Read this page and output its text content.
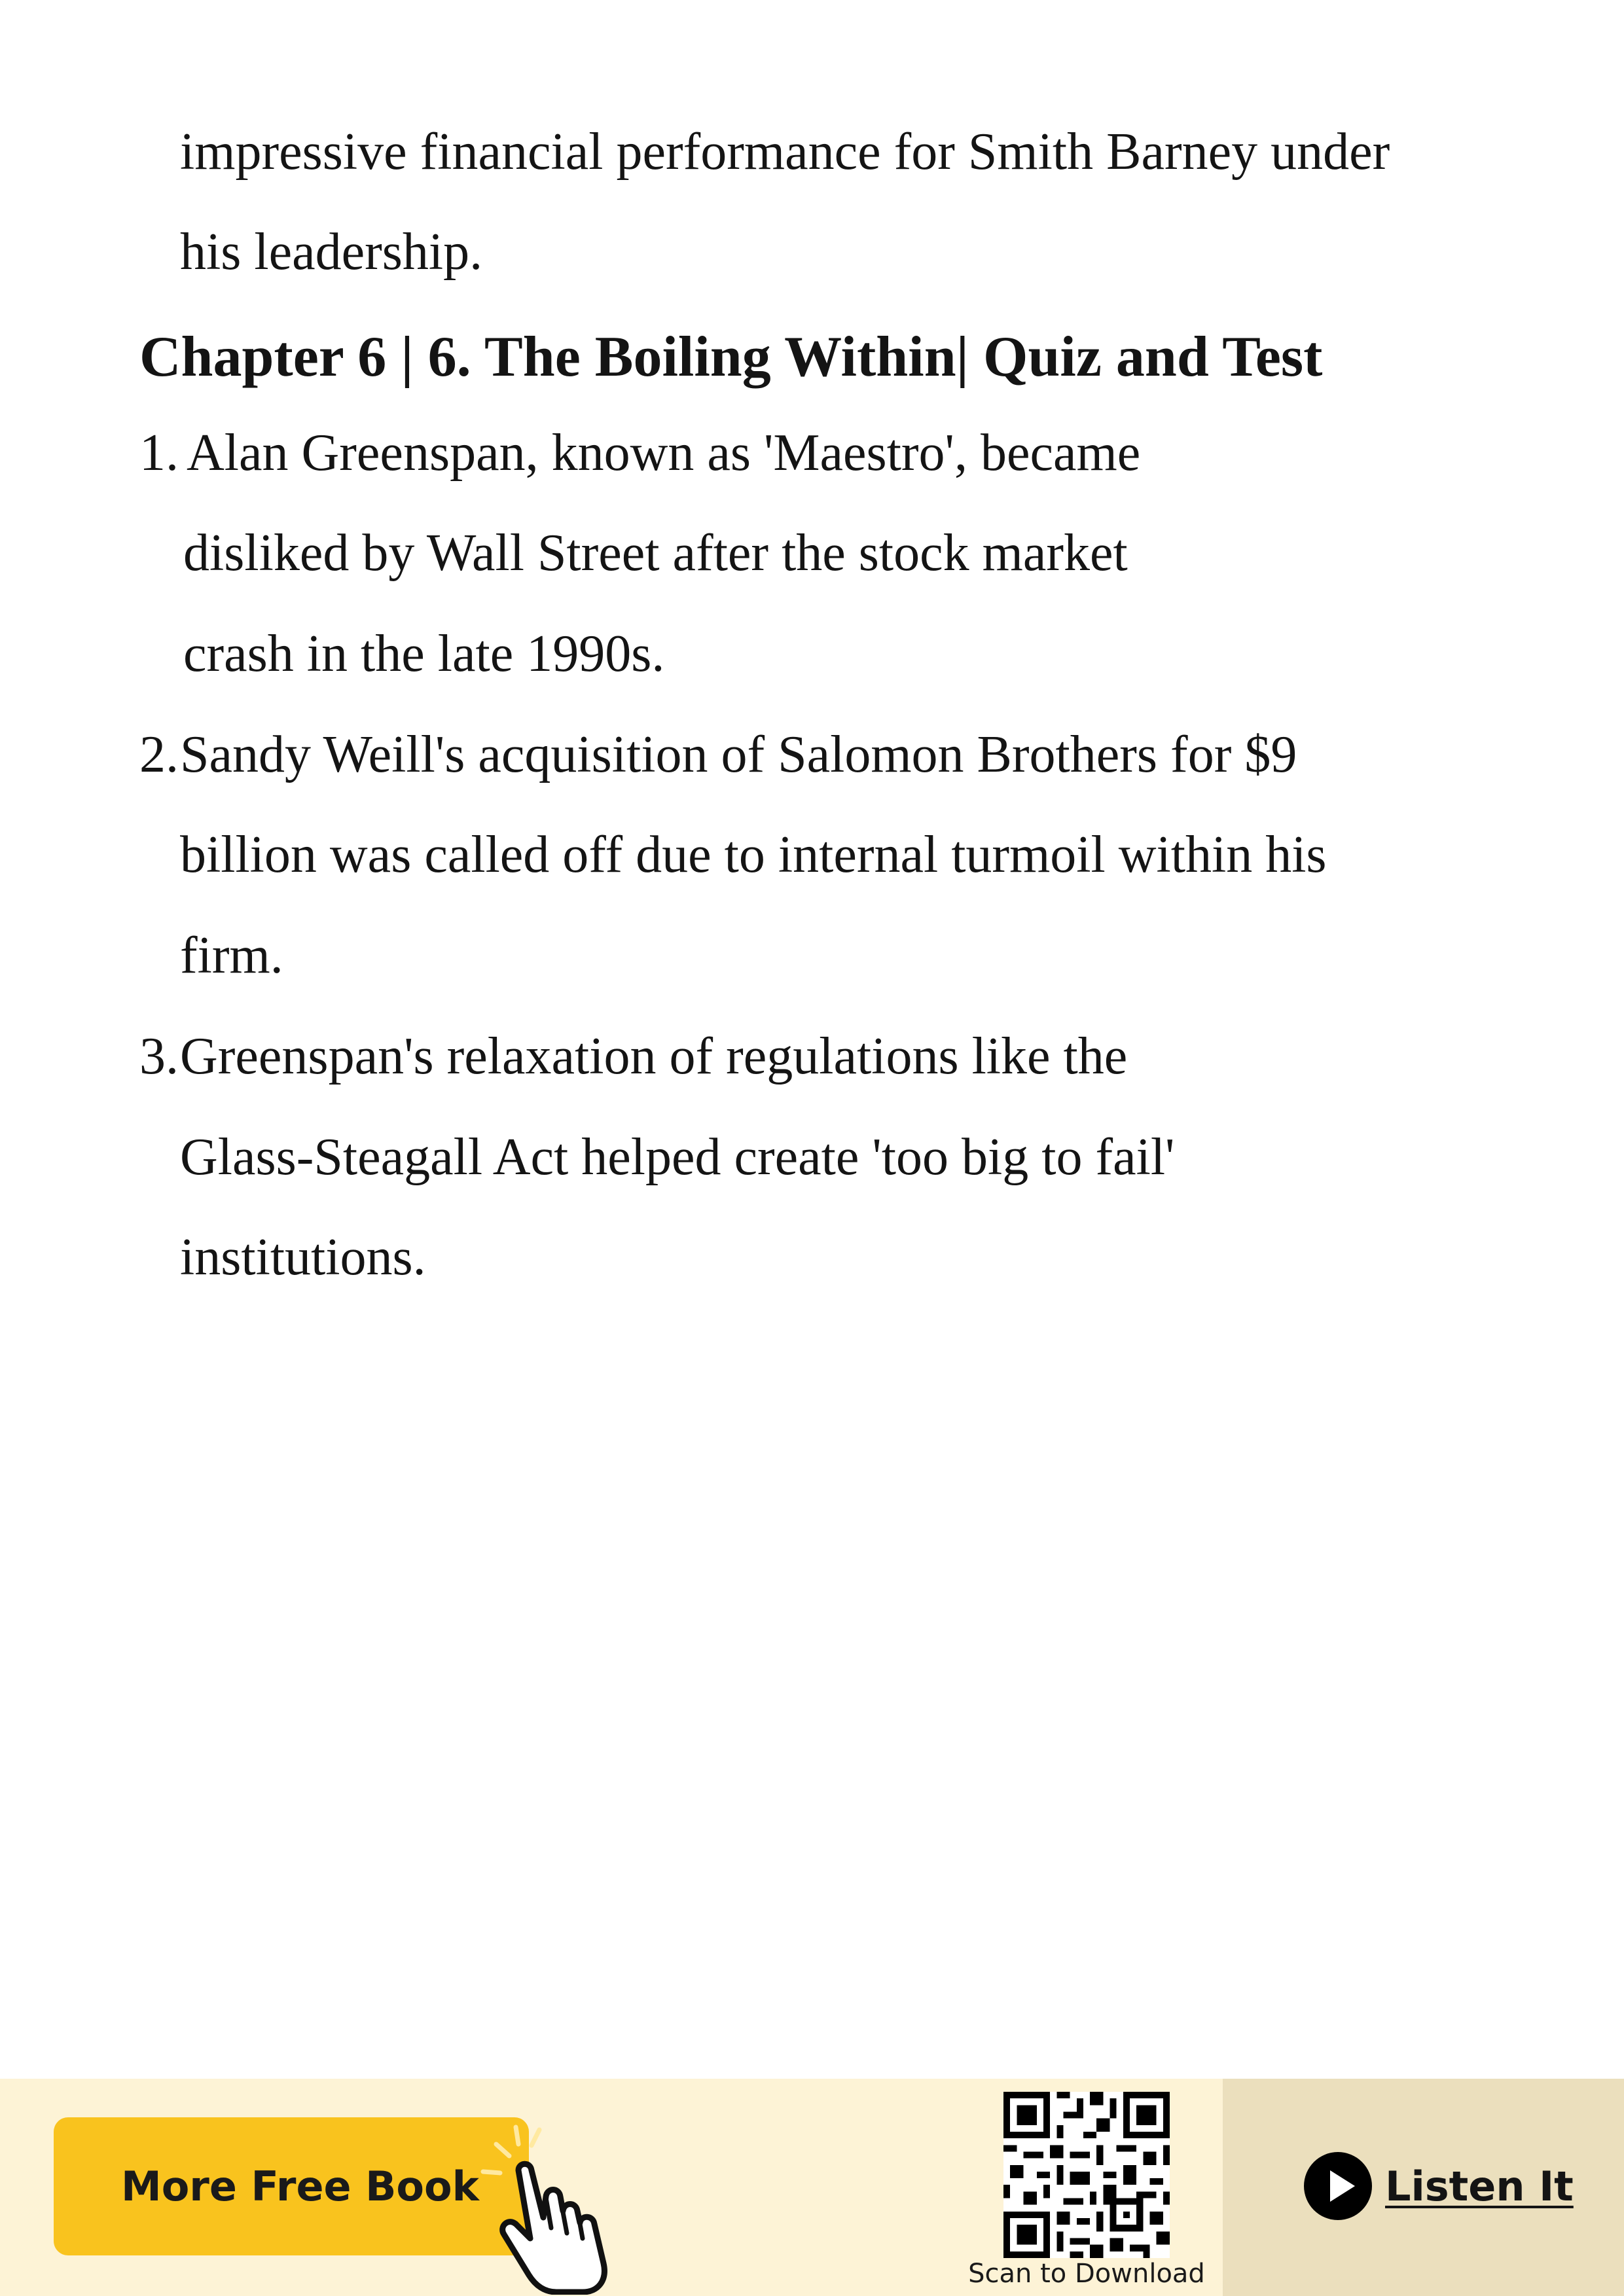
impressive financial performance for Smith Barney under
his leadership.
Chapter 6 | 6. The Boiling Within| Quiz and Test
1. Alan Greenspan, known as 'Maestro', became
disliked by Wall Street after the stock market
crash in the late 1990s.
2. Sandy Weill's acquisition of Salomon Brothers for $9
billion was called off due to internal turmoil within his
firm.
3. Greenspan's relaxation of regulations like the
Glass-Steagall Act helped create 'too big to fail'
institutions.
More Free Book
Scan to Download
Listen It
